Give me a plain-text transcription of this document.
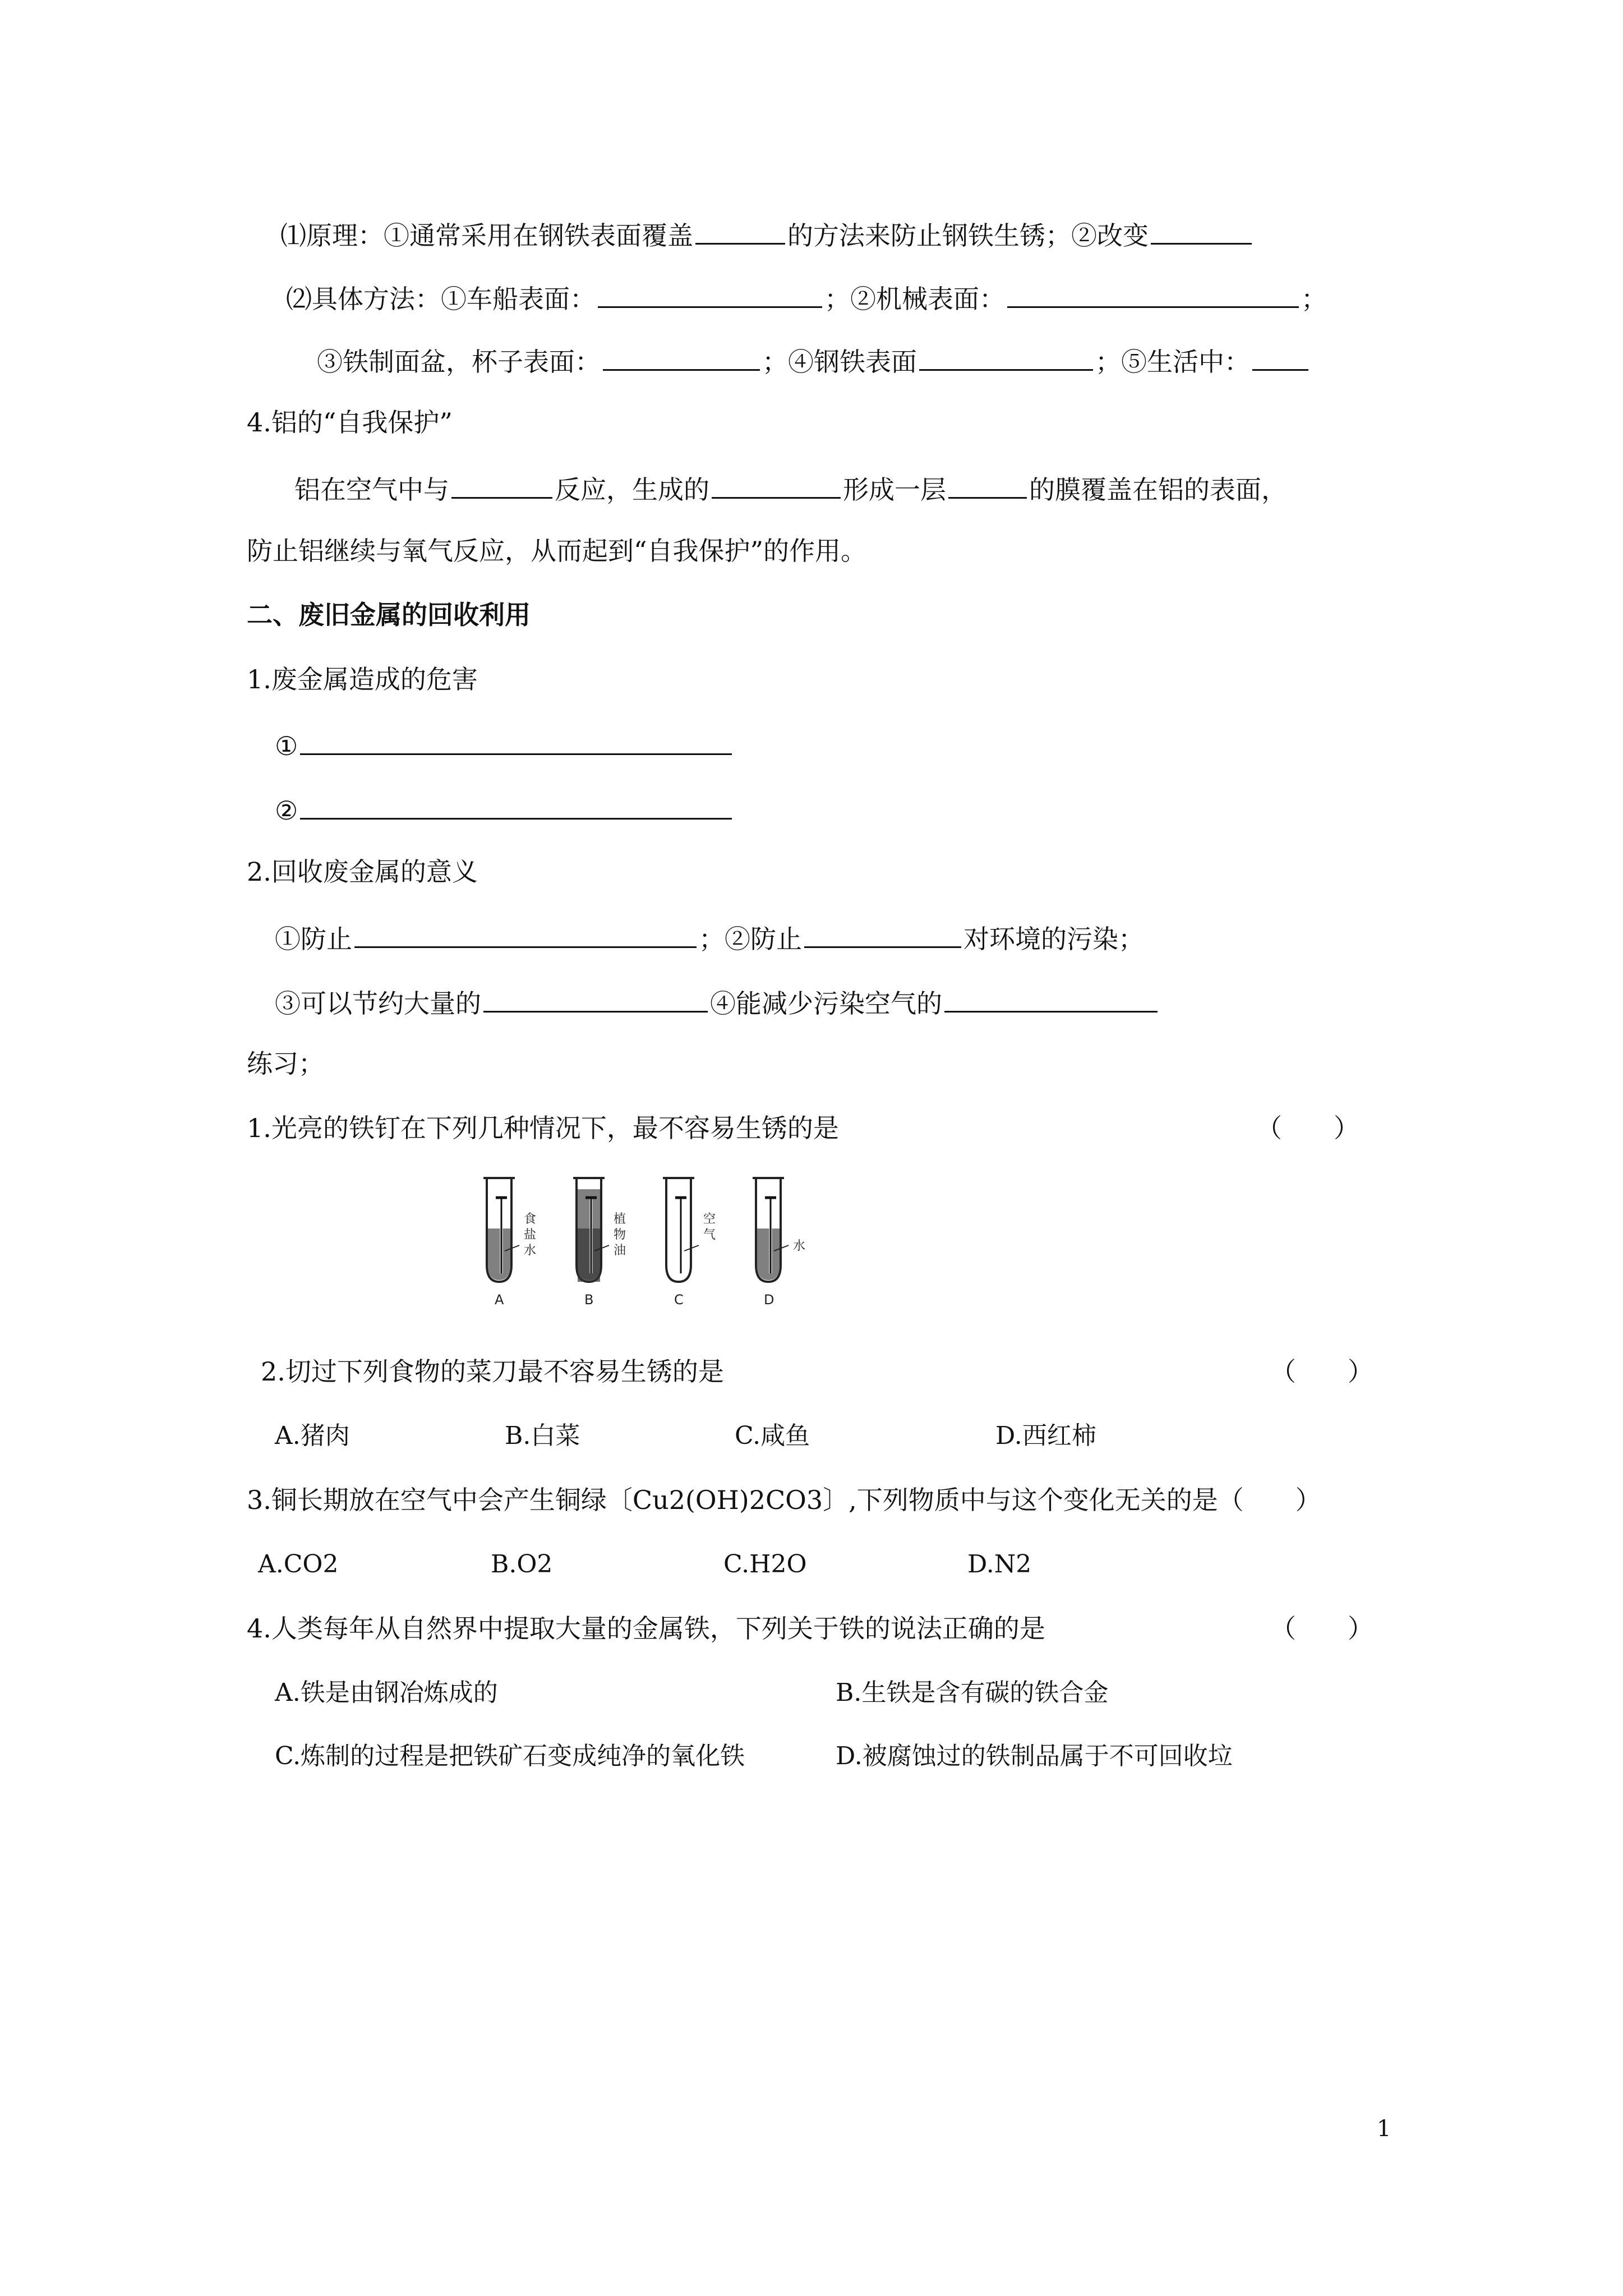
⑴原理：①通常采用在钢铁表面覆盖	的方法来防止钢铁生锈；②改变
⑵具体方法：①车船表面：	；②机械表面：	；
③铁制面盆，杯子表面：	；④钢铁表面	；⑤生活中：
4.铝的“自我保护”
铝在空气中与	反应，生成的	形成一层	的膜覆盖在铝的表面，
防止铝继续与氧气反应，从而起到“自我保护”的作用。
二、废旧金属的回收利用
1.废金属造成的危害
①
②
2.回收废金属的意义
①防止	；②防止	对环境的污染；
③可以节约大量的	④能减少污染空气的
练习；
1.光亮的铁钉在下列几种情况下，最不容易生锈的是	（　　）
食
盐
水
A
植
物
油
B
空
气
C
水
D
2.切过下列食物的菜刀最不容易生锈的是	（　　）
A.猪肉	B.白菜	C.咸鱼	D.西红柿
3.铜长期放在空气中会产生铜绿〔Cu2(OH)2CO3〕,下列物质中与这个变化无关的是（　　）
A.CO2	B.O2	C.H2O	D.N2
4.人类每年从自然界中提取大量的金属铁，下列关于铁的说法正确的是	（　　）
A.铁是由钢冶炼成的	B.生铁是含有碳的铁合金
C.炼制的过程是把铁矿石变成纯净的氧化铁	D.被腐蚀过的铁制品属于不可回收垃
1
